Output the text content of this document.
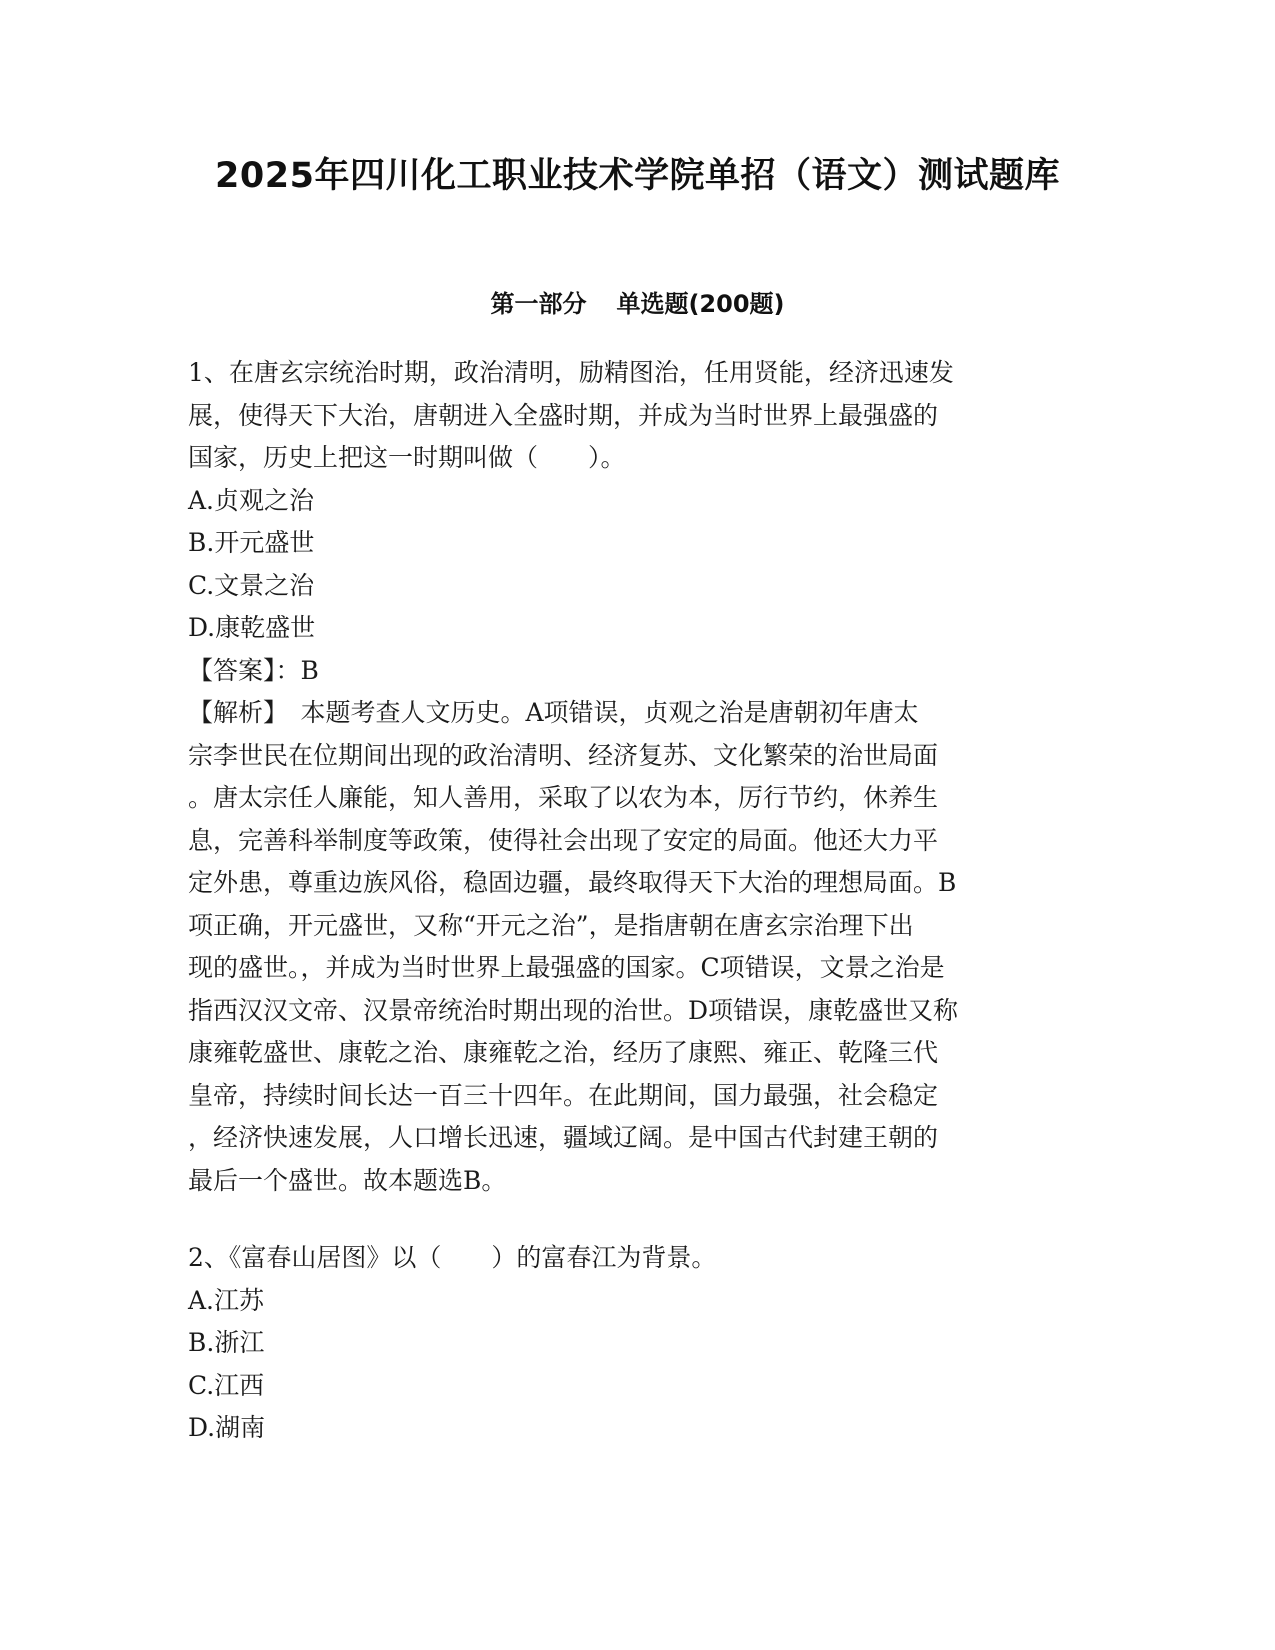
2025年四川化工职业技术学院单招（语文）测试题库
第一部分 单选题(200题)
1、在唐玄宗统治时期，政治清明，励精图治，任用贤能，经济迅速发
展，使得天下大治，唐朝进入全盛时期，并成为当时世界上最强盛的
国家，历史上把这一时期叫做（　　）。
A.贞观之治
B.开元盛世
C.文景之治
D.康乾盛世
【答案】：B
【解析】　本题考查人文历史。A项错误，贞观之治是唐朝初年唐太
宗李世民在位期间出现的政治清明、经济复苏、文化繁荣的治世局面
。唐太宗任人廉能，知人善用，采取了以农为本，厉行节约，休养生
息，完善科举制度等政策，使得社会出现了安定的局面。他还大力平
定外患，尊重边族风俗，稳固边疆，最终取得天下大治的理想局面。B
项正确，开元盛世，又称“开元之治”，是指唐朝在唐玄宗治理下出
现的盛世。，并成为当时世界上最强盛的国家。C项错误，文景之治是
指西汉汉文帝、汉景帝统治时期出现的治世。D项错误，康乾盛世又称
康雍乾盛世、康乾之治、康雍乾之治，经历了康熙、雍正、乾隆三代
皇帝，持续时间长达一百三十四年。在此期间，国力最强，社会稳定
，经济快速发展，人口增长迅速，疆域辽阔。是中国古代封建王朝的
最后一个盛世。故本题选B。
2、《富春山居图》以（　　）的富春江为背景。
A.江苏
B.浙江
C.江西
D.湖南
